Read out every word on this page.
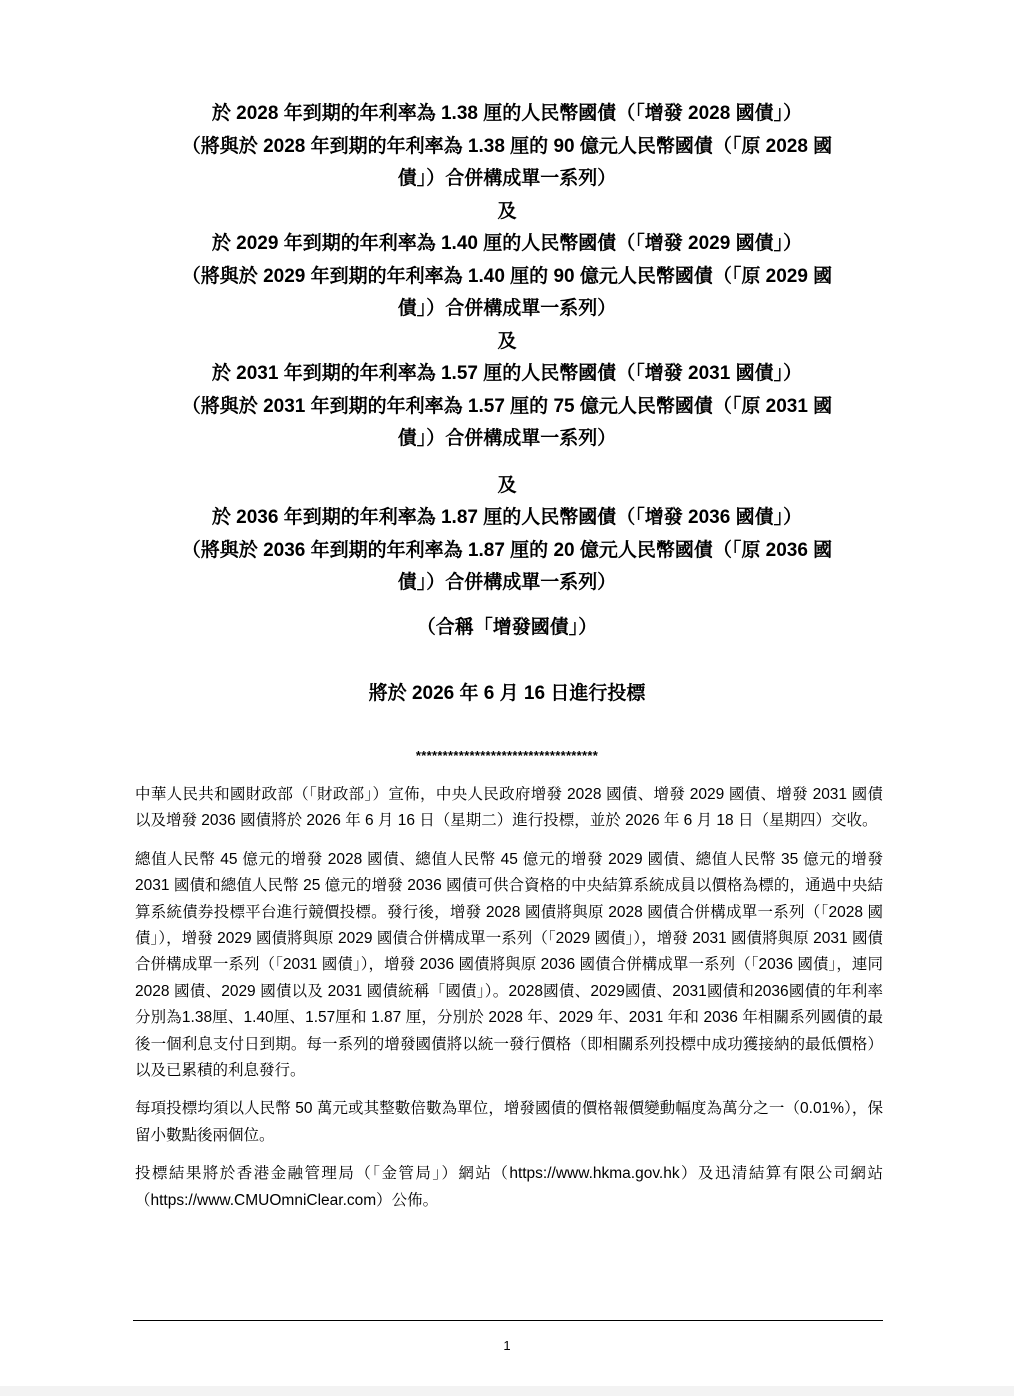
於 2028 年到期的年利率為 1.38 厘的人民幣國債（「增發 2028 國債」）

（將與於 2028 年到期的年利率為 1.38 厘的 90 億元人民幣國債（「原 2028 國

債」）合併構成單一系列）

及

於 2029 年到期的年利率為 1.40 厘的人民幣國債（「增發 2029 國債」）

（將與於 2029 年到期的年利率為 1.40 厘的 90 億元人民幣國債（「原 2029 國

債」）合併構成單一系列）

及

於 2031 年到期的年利率為 1.57 厘的人民幣國債（「增發 2031 國債」）

（將與於 2031 年到期的年利率為 1.57 厘的 75 億元人民幣國債（「原 2031 國

債」）合併構成單一系列）

及

於 2036 年到期的年利率為 1.87 厘的人民幣國債（「增發 2036 國債」）

（將與於 2036 年到期的年利率為 1.87 厘的 20 億元人民幣國債（「原 2036 國

債」）合併構成單一系列）

（合稱「增發國債」）

將於 2026 年 6 月 16 日進行投標
**********************************

中華人民共和國財政部（「財政部」）宣佈，中央人民政府增發 2028 國債、增發 2029 國債、增發 2031 國債以及增發 2036 國債將於 2026 年 6 月 16 日（星期二）進行投標，並於 2026 年 6 月 18 日（星期四）交收。

總值人民幣 45 億元的增發 2028 國債、總值人民幣 45 億元的增發 2029 國債、總值人民幣 35 億元的增發 2031 國債和總值人民幣 25 億元的增發 2036 國債可供合資格的中央結算系統成員以價格為標的，通過中央結算系統債券投標平台進行競價投標。發行後，增發 2028 國債將與原 2028 國債合併構成單一系列（「2028 國債」），增發 2029 國債將與原 2029 國債合併構成單一系列（「2029 國債」），增發 2031 國債將與原 2031 國債合併構成單一系列（「2031 國債」），增發 2036 國債將與原 2036 國債合併構成單一系列（「2036 國債」，連同 2028 國債、2029 國債以及 2031 國債統稱「國債」）。2028國債、2029國債、2031國債和2036國債的年利率分別為1.38厘、1.40厘、1.57厘和 1.87 厘，分別於 2028 年、2029 年、2031 年和 2036 年相關系列國債的最後一個利息支付日到期。每一系列的增發國債將以統一發行價格（即相關系列投標中成功獲接納的最低價格）以及已累積的利息發行。

每項投標均須以人民幣 50 萬元或其整數倍數為單位，增發國債的價格報價變動幅度為萬分之一（0.01%），保留小數點後兩個位。

投標結果將於香港金融管理局（「金管局」）網站（https://www.hkma.gov.hk）及迅清結算有限公司網站（https://www.CMUOmniClear.com）公佈。

1
